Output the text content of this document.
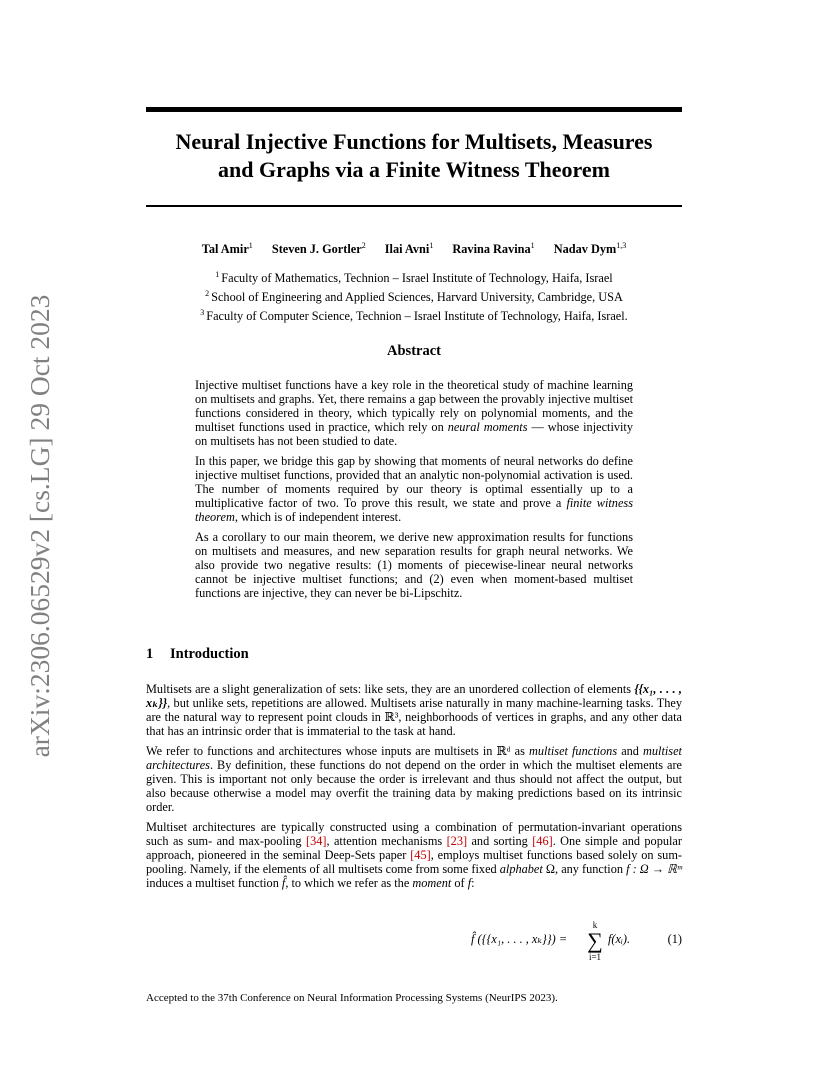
arXiv:2306.06529v2 [cs.LG] 29 Oct 2023
Neural Injective Functions for Multisets, Measures
and Graphs via a Finite Witness Theorem
Tal Amir$^1$ Steven J. Gortler$^2$ Ilai Avni$^1$ Ravina Ravina$^1$ Nadav Dym$^{1,3}$
$^1$ Faculty of Mathematics, Technion – Israel Institute of Technology, Haifa, Israel
$^2$ School of Engineering and Applied Sciences, Harvard University, Cambridge, USA
$^3$ Faculty of Computer Science, Technion – Israel Institute of Technology, Haifa, Israel.
Abstract

Injective multiset functions have a key role in the theoretical study of machine learning on multisets and graphs. Yet, there remains a gap between the provably injective multiset functions considered in theory, which typically rely on polynomial moments, and the multiset functions used in practice, which rely on neural moments — whose injectivity on multisets has not been studied to date.

In this paper, we bridge this gap by showing that moments of neural networks do define injective multiset functions, provided that an analytic non-polynomial activation is used. The number of moments required by our theory is optimal essentially up to a multiplicative factor of two. To prove this result, we state and prove a finite witness theorem, which is of independent interest.

As a corollary to our main theorem, we derive new approximation results for functions on multisets and measures, and new separation results for graph neural networks. We also provide two negative results: (1) moments of piecewise-linear neural networks cannot be injective multiset functions; and (2) even when moment-based multiset functions are injective, they can never be bi-Lipschitz.

1 Introduction

Multisets are a slight generalization of sets: like sets, they are an unordered collection of elements {{x₁, . . . , xₖ}}, but unlike sets, repetitions are allowed. Multisets arise naturally in many machine-learning tasks. They are the natural way to represent point clouds in ℝ³, neighborhoods of vertices in graphs, and any other data that has an intrinsic order that is immaterial to the task at hand.

We refer to functions and architectures whose inputs are multisets in ℝᵈ as multiset functions and multiset architectures. By definition, these functions do not depend on the order in which the multiset elements are given. This is important not only because the order is irrelevant and thus should not affect the output, but also because otherwise a model may overfit the training data by making predictions based on its intrinsic order.

Multiset architectures are typically constructed using a combination of permutation-invariant operations such as sum- and max-pooling [34], attention mechanisms [23] and sorting [46]. One simple and popular approach, pioneered in the seminal Deep-Sets paper [45], employs multiset functions based solely on sum-pooling. Namely, if the elements of all multisets come from some fixed alphabet Ω, any function f : Ω → ℝᵐ induces a multiset function f̂, to which we refer as the moment of f:

f̂ ({{x₁, . . . , xₖ}}) =
k
∑
i=1
f(xᵢ).	(1)
Accepted to the 37th Conference on Neural Information Processing Systems (NeurIPS 2023).
